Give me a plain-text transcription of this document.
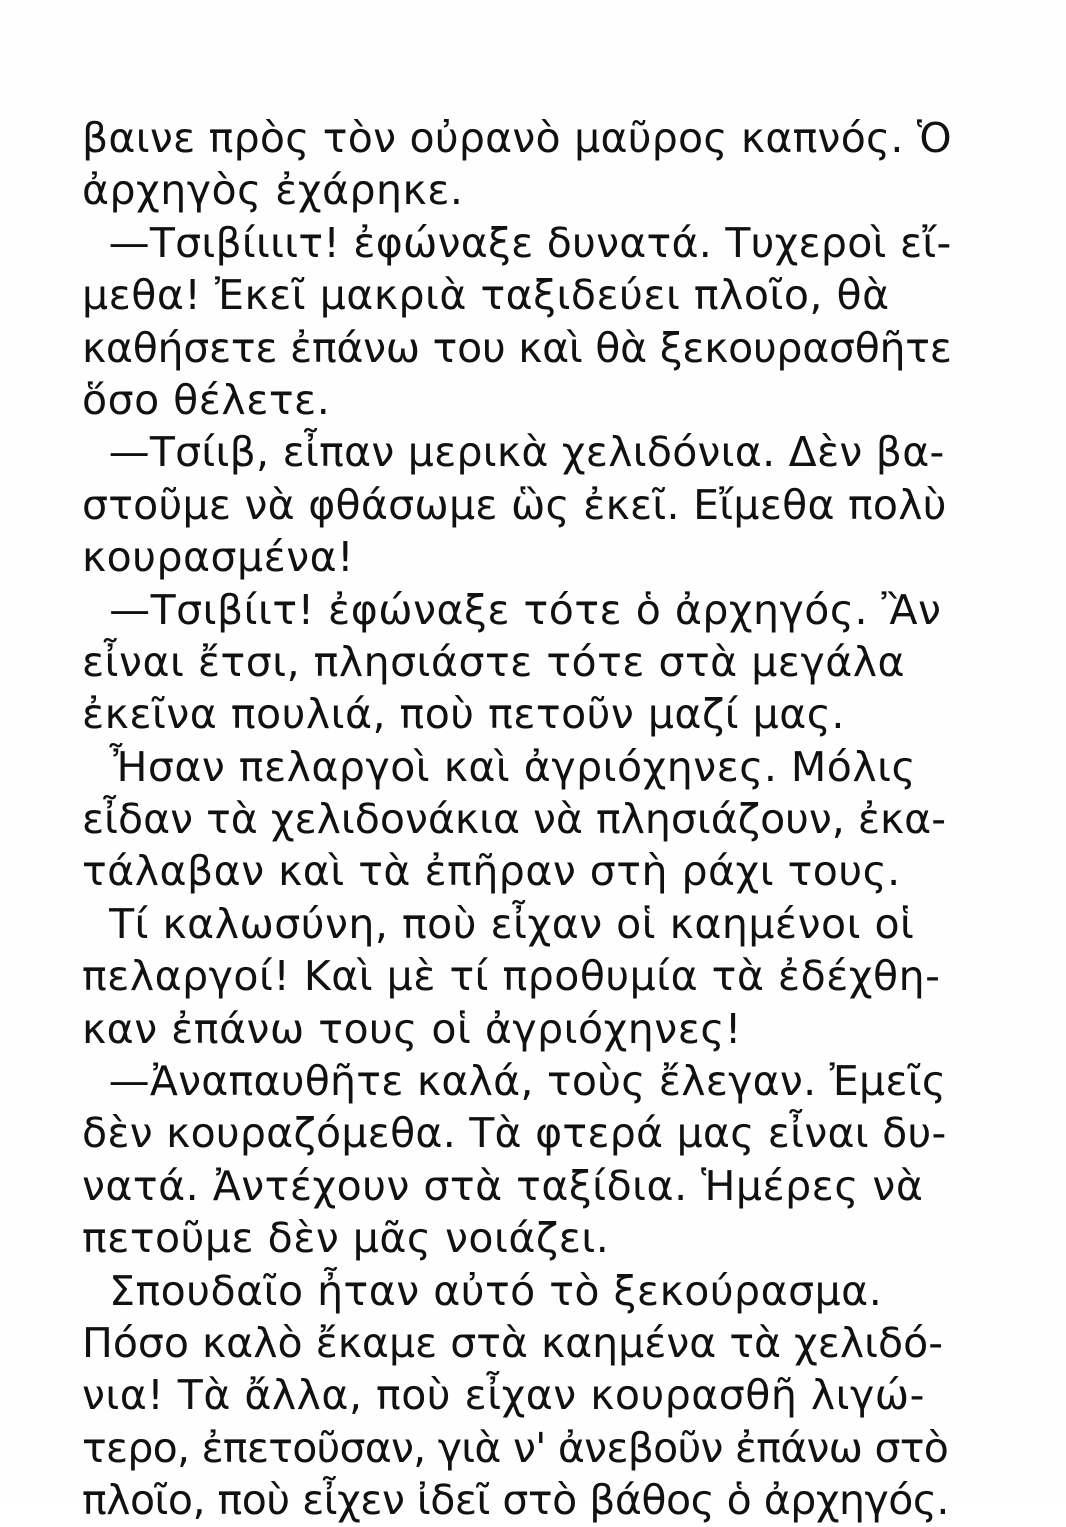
βαινε πρὸς τὸν οὐρανὸ μαῦρος καπνός. Ὁ
ἀρχηγὸς ἐχάρηκε.
—Τσιβίιιιτ! ἐφώναξε δυνατά. Τυχεροὶ εἴ-
μεθα! Ἐκεῖ μακριὰ ταξιδεύει πλοῖο, θὰ
καθήσετε ἐπάνω του καὶ θὰ ξεκουρασθῆτε
ὅσο θέλετε.
—Τσίιβ, εἶπαν μερικὰ χελιδόνια. Δὲν βα-
στοῦμε νὰ φθάσωμε ὣς ἐκεῖ. Εἴμεθα πολὺ
κουρασμένα!
—Τσιβίιτ! ἐφώναξε τότε ὁ ἀρχηγός. Ἂν
εἶναι ἔτσι, πλησιάστε τότε στὰ μεγάλα
ἐκεῖνα πουλιά, ποὺ πετοῦν μαζί μας.
Ἦσαν πελαργοὶ καὶ ἀγριόχηνες. Μόλις
εἶδαν τὰ χελιδονάκια νὰ πλησιάζουν, ἐκα-
τάλαβαν καὶ τὰ ἐπῆραν στὴ ράχι τους.
Τί καλωσύνη, ποὺ εἶχαν οἱ καημένοι οἱ
πελαργοί! Καὶ μὲ τί προθυμία τὰ ἐδέχθη-
καν ἐπάνω τους οἱ ἀγριόχηνες!
—Ἀναπαυθῆτε καλά, τοὺς ἔλεγαν. Ἐμεῖς
δὲν κουραζόμεθα. Τὰ φτερά μας εἶναι δυ-
νατά. Ἀντέχουν στὰ ταξίδια. Ἡμέρες νὰ
πετοῦμε δὲν μᾶς νοιάζει.
Σπουδαῖο ἦταν αὐτό τὸ ξεκούρασμα.
Πόσο καλὸ ἔκαμε στὰ καημένα τὰ χελιδό-
νια! Τὰ ἄλλα, ποὺ εἶχαν κουρασθῆ λιγώ-
τερο, ἐπετοῦσαν, γιὰ ν' ἀνεβοῦν ἐπάνω στὸ
πλοῖο, ποὺ εἶχεν ἰδεῖ στὸ βάθος ὁ ἀρχηγός.
